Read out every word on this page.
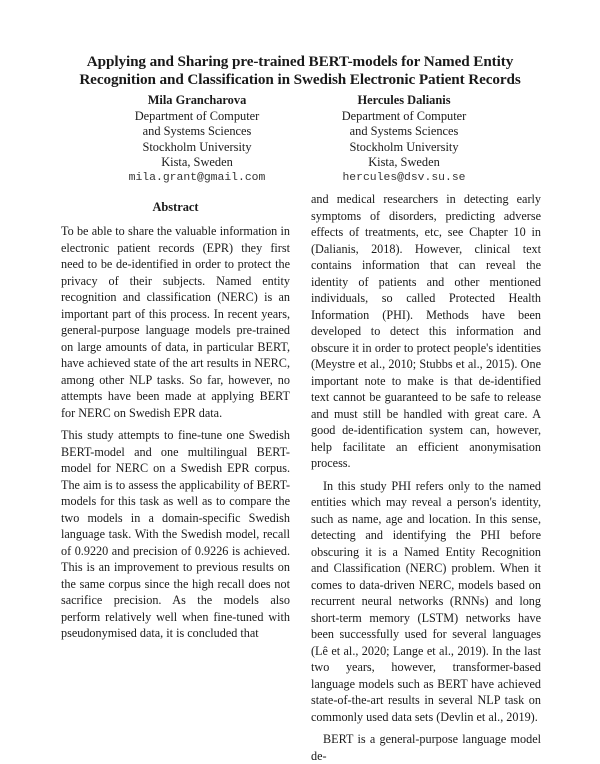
Applying and Sharing pre-trained BERT-models for Named Entity
Recognition and Classification in Swedish Electronic Patient Records
Mila Grancharova
Department of Computer
and Systems Sciences
Stockholm University
Kista, Sweden
mila.grant@gmail.com
Hercules Dalianis
Department of Computer
and Systems Sciences
Stockholm University
Kista, Sweden
hercules@dsv.su.se
Abstract

To be able to share the valuable information in electronic patient records (EPR) they first need to be de-identified in order to protect the privacy of their subjects. Named entity recognition and classification (NERC) is an important part of this process. In recent years, general-purpose language models pre-trained on large amounts of data, in particular BERT, have achieved state of the art results in NERC, among other NLP tasks. So far, however, no attempts have been made at applying BERT for NERC on Swedish EPR data.

This study attempts to fine-tune one Swedish BERT-model and one multilingual BERT-model for NERC on a Swedish EPR corpus. The aim is to assess the applicability of BERT-models for this task as well as to compare the two models in a domain-specific Swedish language task. With the Swedish model, recall of 0.9220 and precision of 0.9226 is achieved. This is an improvement to previous results on the same corpus since the high recall does not sacrifice precision. As the models also perform relatively well when fine-tuned with pseudonymised data, it is concluded that

and medical researchers in detecting early symptoms of disorders, predicting adverse effects of treatments, etc, see Chapter 10 in (Dalianis, 2018). However, clinical text contains information that can reveal the identity of patients and other mentioned individuals, so called Protected Health Information (PHI). Methods have been developed to detect this information and obscure it in order to protect people's identities (Meystre et al., 2010; Stubbs et al., 2015). One important note to make is that de-identified text cannot be guaranteed to be safe to release and must still be handled with great care. A good de-identification system can, however, help facilitate an efficient anonymisation process.

In this study PHI refers only to the named entities which may reveal a person's identity, such as name, age and location. In this sense, detecting and identifying the PHI before obscuring it is a Named Entity Recognition and Classification (NERC) problem. When it comes to data-driven NERC, models based on recurrent neural networks (RNNs) and long short-term memory (LSTM) networks have been successfully used for several languages (Lê et al., 2020; Lange et al., 2019). In the last two years, however, transformer-based language models such as BERT have achieved state-of-the-art results in several NLP task on commonly used data sets (Devlin et al., 2019).

BERT is a general-purpose language model de-
